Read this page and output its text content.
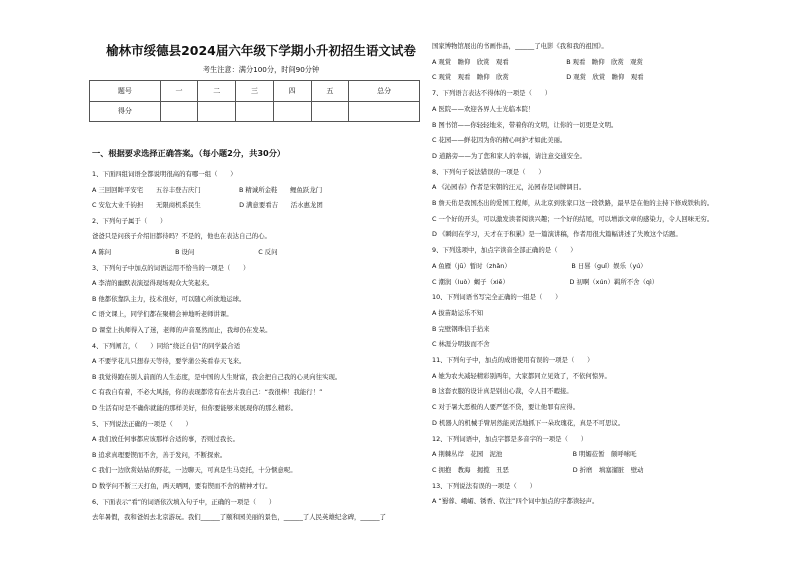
榆林市绥德县2024届六年级下学期小升初招生语文试卷
考生注意：满分100分，时间90分钟
题号	一	二	三	四	五	总分
得分						
一、根据要求选择正确答案。（每小题2分，共30分）
1、下面四组词语全都说明很高的有哪一组（　　）
A 三回回眸平安宅　　五谷丰登吉庆门　　　　　　B 精诚所金鞋　　鲤鱼跃龙门
C 安危大业千钧担　　无限商机系民生　　　　　　D 满意要看吉　　活水惠龙团
2、下列句子属于（　　）
爸爸只是问孩子介绍旧都待吗？不是的，他也在表达自己的心。
A 陈问　　　　　　　　　　B 设问　　　　　　　　　　C 反问
3、下列句子中加点的词语运用不恰当的一项是（　　）
A 李清的幽默表演逗得现场观众大笑起来。
B 他都依靠队主力，技术很好，可以随心所欲地运球。
C 语文课上，同学们都在聚精会神地听老师讲课。
D 课堂上执师得入了迷，老师的声音戛然而止，我却仍在发呆。
4、下列阐言，（　　）同给“绕泛自信”的同学最合适
A 不要学花儿只想春天等待，要学蒲公英看春天飞来。
B 我觉得跑在别人前面的人生态度，是中国的人生财富，我会把自己我的心灵向往实现。
C 有我自有着，不必大风扬，你的表现都常有在去片我自己：“我很棒！我能行！”
D 生活有时是不确你就能的那样美好，但你要能够来展现你的那么精彩。
5、下列说法正确的一项是（　　）
A 我们放任何事都应该那样合适的事，否则过我长。
B 追求真理要锲而不舍，善于发问，不断探索。
C 我们一边欣赏姑姑的野花，一边聊天，可真是生马克托，十分惬意呢。
D 数学问不断三天打鱼，两天晒网，要有锲而不舍的精神才行。
6、下面表示“看”的词语依次填入句子中，正确的一项是（　　）
去年暑假，我和爸妈去北京游玩。我们______了颐和园美丽的景色，______了人民英雄纪念碑，______了
国家博物馆展出的书画作品，______了电影《我和我的祖国》。
A 观赏　瞻仰　欣赏　观看　　　　　　　　　B 观看　瞻仰　欣赏　观赏
C 观赏　观看　瞻仰　欣赏　　　　　　　　　D 观赏　欣赏　瞻仰　观看
7、下列语言表达不得体的一项是（　　）
A 医院——欢迎各界人士光临本院！
B 图书馆——你轻轻地来，带着你的文明，让你的一切更是文明。
C 花园——鲜花因为你的精心呵护才如此美丽。
D 道路旁——为了您和家人的幸福，请注意交通安全。
8、下列句子说法错误的一项是（　　）
A 《沁园春》作者是宋朝的汪元，沁园春是词牌调目。
B 詹天佑是我国杰出的爱国工程师，从北京到张家口这一段铁路，最早是在他的主持下修成铁轨的。
C 一个好的开头，可以激发读者阅读兴趣；一个好的结尾，可以增添文章的感染力，令人回味无穷。
D 《瞬间在学习，天才在于积累》是一篇演讲稿，作者用很大篇幅讲述了失败这个话题。
9、下列选项中，加点字读音全部正确的是（　　）
A 鱼雁（jū）暂时（zhǎn）　　　　　　　　　　B 日晷（guǐ）娱乐（yú）
C 潮润（luò）蝎子（xiē）　　　　　　　　　　D 初啊（xún）羁所不舍（qì）
10、下列词语书写完全正确的一组是（　　）
A 拔苗助运乐不知
B 完壁钢珠信手拈来
C 林涯分明拔而不舍
11、下列句子中，加点的成语使用有误的一项是（　　）
A 她为农夫减轻精彩别两年，大家都同立见效了，不依何惊异。
B 这套衣服的设计真是别出心裁，令人目不暇接。
C 对于暑大恶极的人要严惩不贷，要让他罪有应得。
D 机器人的机械手臂居然能灵活地抓下一朵玫瑰花，真是不可思议。
12、下列词语中，加点字都是多音字的一项是（　　）
A 荆棘丛岸　花园　泥池　　　　　　　　　　　B 明媚莅暂　颇呼嗦吒
C 拥抱　教海　揭揽　丑恶　　　　　　　　　　D 折磨　填塞遛脏　壁动
13、下列说法有误的一项是（　　）
A “蜀蓉、峨嵋、锈香、钦注”四个词中加点的字都读轻声。
